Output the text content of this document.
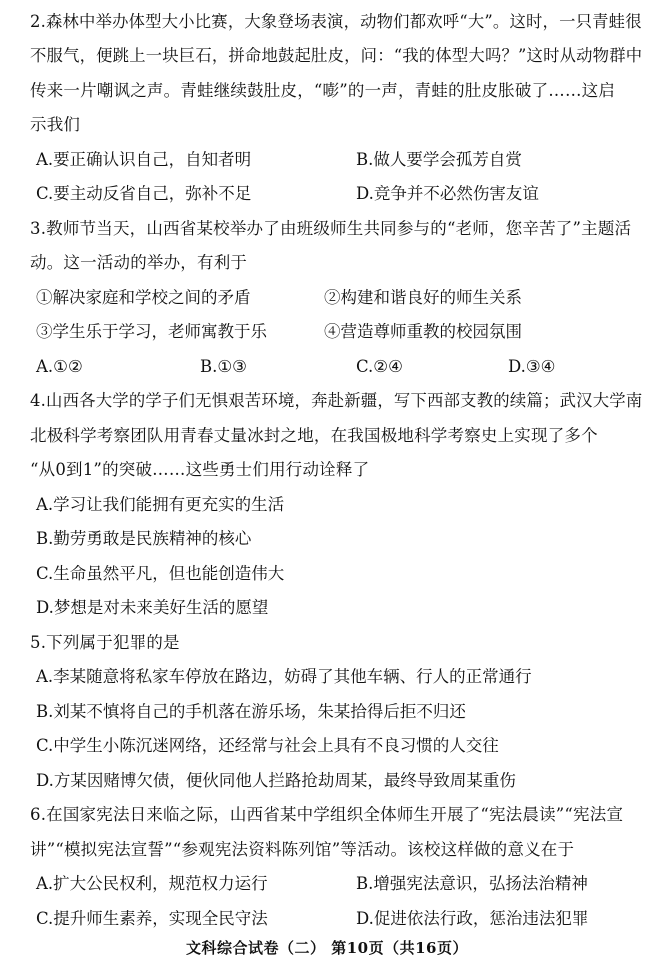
2.森林中举办体型大小比赛，大象登场表演，动物们都欢呼“大”。这时，一只青蛙很
不服气，便跳上一块巨石，拼命地鼓起肚皮，问：“我的体型大吗？”这时从动物群中
传来一片嘲讽之声。青蛙继续鼓肚皮，“嘭”的一声，青蛙的肚皮胀破了……这启
示我们
A.要正确认识自己，自知者明	B.做人要学会孤芳自赏
C.要主动反省自己，弥补不足	D.竞争并不必然伤害友谊
3.教师节当天，山西省某校举办了由班级师生共同参与的“老师，您辛苦了”主题活
动。这一活动的举办，有利于
①解决家庭和学校之间的矛盾	②构建和谐良好的师生关系
③学生乐于学习，老师寓教于乐	④营造尊师重教的校园氛围
A.①②	B.①③	C.②④	D.③④
4.山西各大学的学子们无惧艰苦环境，奔赴新疆，写下西部支教的续篇；武汉大学南
北极科学考察团队用青春丈量冰封之地，在我国极地科学考察史上实现了多个
“从0到1”的突破……这些勇士们用行动诠释了
A.学习让我们能拥有更充实的生活
B.勤劳勇敢是民族精神的核心
C.生命虽然平凡，但也能创造伟大
D.梦想是对未来美好生活的愿望
5.下列属于犯罪的是
A.李某随意将私家车停放在路边，妨碍了其他车辆、行人的正常通行
B.刘某不慎将自己的手机落在游乐场，朱某拾得后拒不归还
C.中学生小陈沉迷网络，还经常与社会上具有不良习惯的人交往
D.方某因赌博欠债，便伙同他人拦路抢劫周某，最终导致周某重伤
6.在国家宪法日来临之际，山西省某中学组织全体师生开展了“宪法晨读”“宪法宣
讲”“模拟宪法宣誓”“参观宪法资料陈列馆”等活动。该校这样做的意义在于
A.扩大公民权利，规范权力运行	B.增强宪法意识，弘扬法治精神
C.提升师生素养，实现全民守法	D.促进依法行政，惩治违法犯罪
文科综合试卷（二） 第10页（共16页）
